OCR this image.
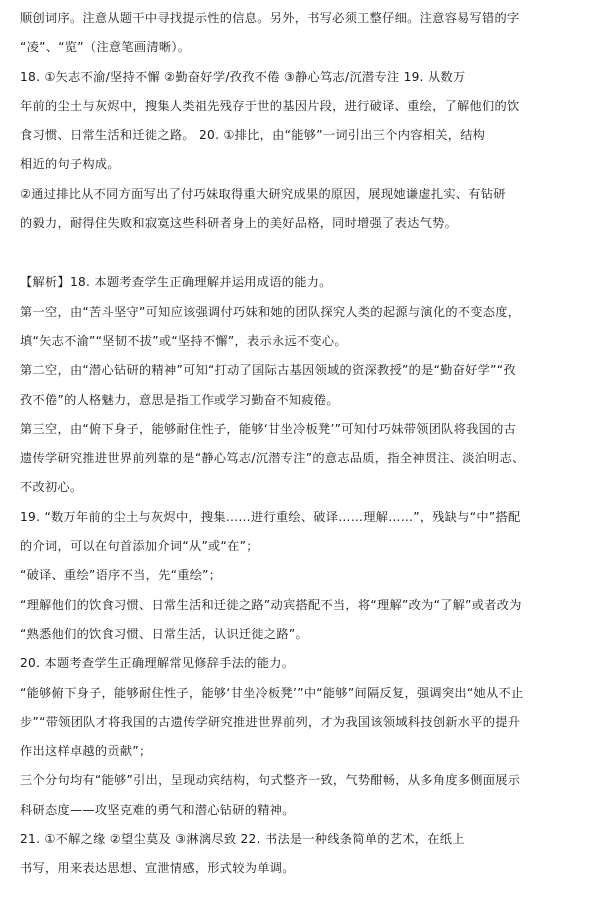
顺创词序。注意从题干中寻找提示性的信息。另外，书写必须工整仔细。注意容易写错的字
“凌”、“览”（注意笔画清晰）。
18. ①矢志不渝/坚持不懈 ②勤奋好学/孜孜不倦 ③静心笃志/沉潜专注 19. 从数万
年前的尘土与灰烬中，搜集人类祖先残存于世的基因片段，进行破译、重绘，了解他们的饮
食习惯、日常生活和迁徙之路。 20. ①排比，由“能够”一词引出三个内容相关，结构
相近的句子构成。
②通过排比从不同方面写出了付巧妹取得重大研究成果的原因，展现她谦虚扎实、有钻研
的毅力，耐得住失败和寂寞这些科研者身上的美好品格，同时增强了表达气势。
【解析】18. 本题考查学生正确理解并运用成语的能力。
第一空，由“苦斗坚守”可知应该强调付巧妹和她的团队探究人类的起源与演化的不变态度，
填“矢志不渝”“坚韧不拔”或“坚持不懈”，表示永远不变心。
第二空，由“潜心钻研的精神”可知“打动了国际古基因领域的资深教授”的是“勤奋好学”“孜
孜不倦”的人格魅力，意思是指工作或学习勤奋不知疲倦。
第三空，由“俯下身子，能够耐住性子，能够‘甘坐冷板凳’”可知付巧妹带领团队将我国的古
遗传学研究推进世界前列靠的是“静心笃志/沉潜专注”的意志品质，指全神贯注、淡泊明志、
不改初心。
19. “数万年前的尘土与灰烬中，搜集……进行重绘、破译……理解……”，残缺与“中”搭配
的介词，可以在句首添加介词“从”或“在”；
“破译、重绘”语序不当，先“重绘”；
“理解他们的饮食习惯、日常生活和迁徙之路”动宾搭配不当，将“理解”改为“了解”或者改为
“熟悉他们的饮食习惯、日常生活，认识迁徙之路”。
20. 本题考查学生正确理解常见修辞手法的能力。
“能够俯下身子，能够耐住性子，能够‘甘坐冷板凳’”中“能够”间隔反复，强调突出“她从不止
步”“带领团队才将我国的古遗传学研究推进世界前列，才为我国该领域科技创新水平的提升
作出这样卓越的贡献”；
三个分句均有“能够”引出，呈现动宾结构，句式整齐一致，气势酣畅，从多角度多侧面展示
科研态度——攻坚克难的勇气和潜心钻研的精神。
21. ①不解之缘 ②望尘莫及 ③淋漓尽致 22. 书法是一种线条简单的艺术，在纸上
书写，用来表达思想、宣泄情感，形式较为单调。
